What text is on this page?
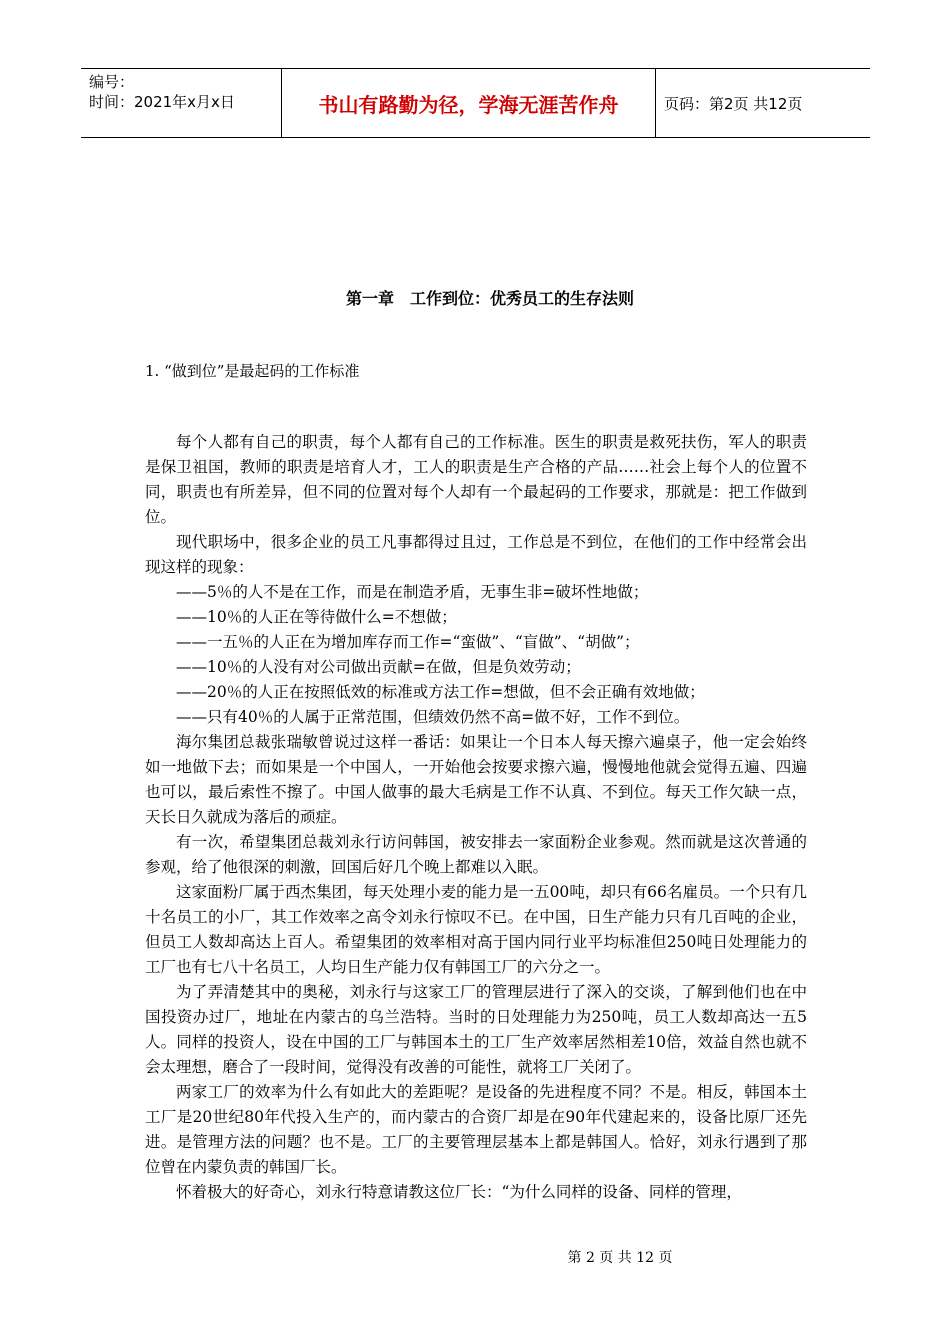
编号：
时间：2021年x月x日	书山有路勤为径，学海无涯苦作舟	页码：第2页 共12页
第一章　工作到位：优秀员工的生存法则
1. “做到位”是最起码的工作标准

每个人都有自己的职责，每个人都有自己的工作标准。医生的职责是救死扶伤，军人的职责是保卫祖国，教师的职责是培育人才，工人的职责是生产合格的产品……社会上每个人的位置不同，职责也有所差异，但不同的位置对每个人却有一个最起码的工作要求，那就是：把工作做到位。

现代职场中，很多企业的员工凡事都得过且过，工作总是不到位，在他们的工作中经常会出现这样的现象：

——5％的人不是在工作，而是在制造矛盾，无事生非=破坏性地做；

——10％的人正在等待做什么=不想做；

——一五％的人正在为增加库存而工作=“蛮做”、“盲做”、“胡做”；

——10％的人没有对公司做出贡献=在做，但是负效劳动；

——20％的人正在按照低效的标准或方法工作=想做，但不会正确有效地做；

——只有40％的人属于正常范围，但绩效仍然不高=做不好，工作不到位。

海尔集团总裁张瑞敏曾说过这样一番话：如果让一个日本人每天擦六遍桌子，他一定会始终如一地做下去；而如果是一个中国人，一开始他会按要求擦六遍，慢慢地他就会觉得五遍、四遍也可以，最后索性不擦了。中国人做事的最大毛病是工作不认真、不到位。每天工作欠缺一点，天长日久就成为落后的顽症。

有一次，希望集团总裁刘永行访问韩国，被安排去一家面粉企业参观。然而就是这次普通的参观，给了他很深的刺激，回国后好几个晚上都难以入眠。

这家面粉厂属于西杰集团，每天处理小麦的能力是一五00吨，却只有66名雇员。一个只有几十名员工的小厂，其工作效率之高令刘永行惊叹不已。在中国，日生产能力只有几百吨的企业，但员工人数却高达上百人。希望集团的效率相对高于国内同行业平均标准但250吨日处理能力的工厂也有七八十名员工，人均日生产能力仅有韩国工厂的六分之一。

为了弄清楚其中的奥秘，刘永行与这家工厂的管理层进行了深入的交谈，了解到他们也在中国投资办过厂，地址在内蒙古的乌兰浩特。当时的日处理能力为250吨，员工人数却高达一五5人。同样的投资人，设在中国的工厂与韩国本土的工厂生产效率居然相差10倍，效益自然也就不会太理想，磨合了一段时间，觉得没有改善的可能性，就将工厂关闭了。

两家工厂的效率为什么有如此大的差距呢？是设备的先进程度不同？不是。相反，韩国本土工厂是20世纪80年代投入生产的，而内蒙古的合资厂却是在90年代建起来的，设备比原厂还先进。是管理方法的问题？也不是。工厂的主要管理层基本上都是韩国人。恰好，刘永行遇到了那位曾在内蒙负责的韩国厂长。

怀着极大的好奇心，刘永行特意请教这位厂长：“为什么同样的设备、同样的管理，

第 2 页 共 12 页
